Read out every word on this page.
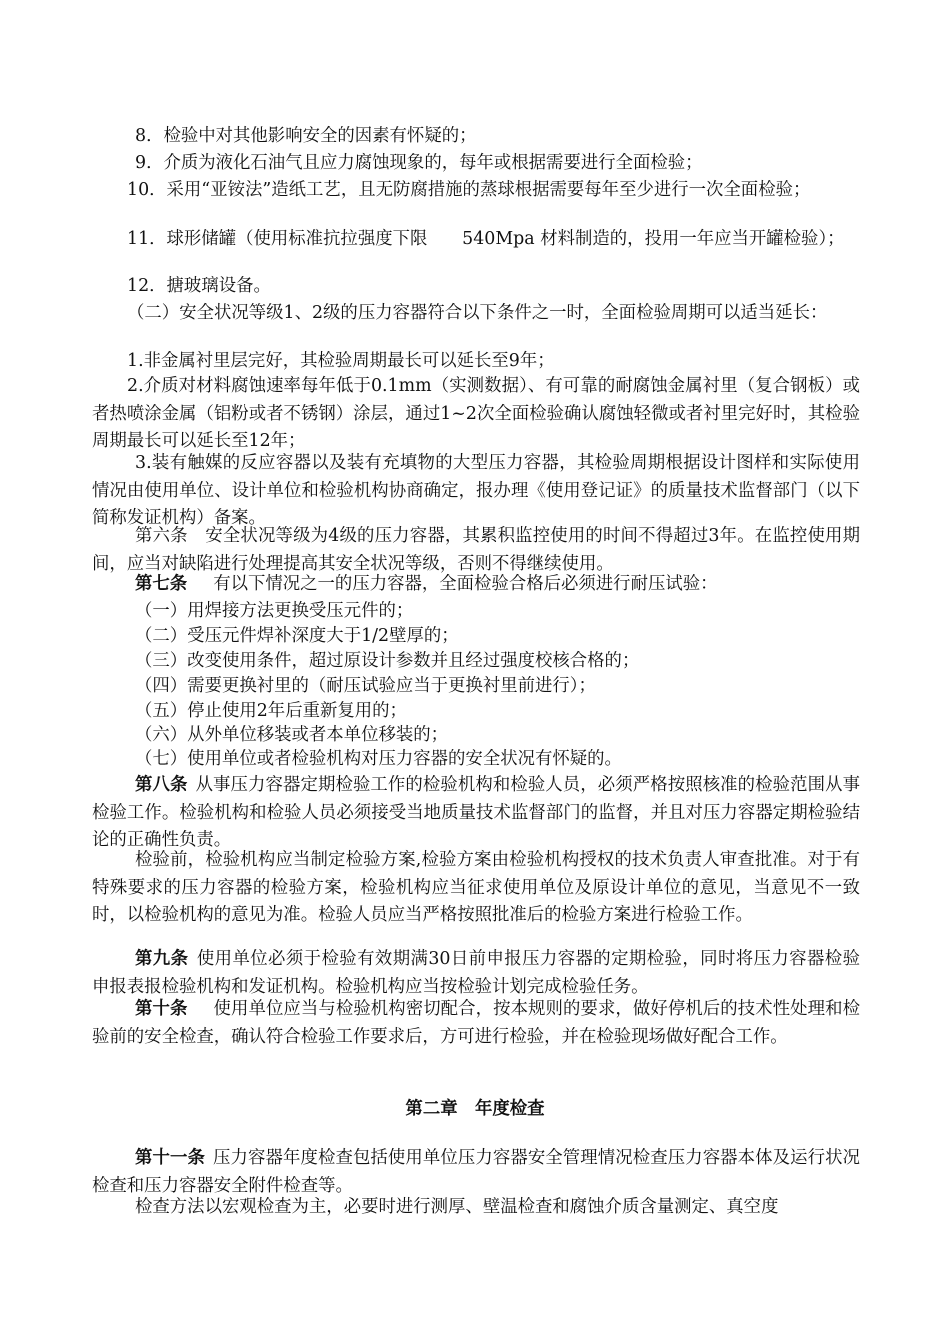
8．检验中对其他影响安全的因素有怀疑的；

9．介质为液化石油气且应力腐蚀现象的，每年或根据需要进行全面检验；

10．采用“亚铵法”造纸工艺，且无防腐措施的蒸球根据需要每年至少进行一次全面检验；

11．球形储罐（使用标准抗拉强度下限　　540Mpa 材料制造的，投用一年应当开罐检验）；

12．搪玻璃设备。

（二）安全状况等级1、2级的压力容器符合以下条件之一时，全面检验周期可以适当延长：

1.非金属衬里层完好，其检验周期最长可以延长至9年；

2.介质对材料腐蚀速率每年低于0.1mm（实测数据）、有可靠的耐腐蚀金属衬里（复合钢板）或者热喷涂金属（铝粉或者不锈钢）涂层，通过1~2次全面检验确认腐蚀轻微或者衬里完好时，其检验周期最长可以延长至12年；

3.装有触媒的反应容器以及装有充填物的大型压力容器，其检验周期根据设计图样和实际使用情况由使用单位、设计单位和检验机构协商确定，报办理《使用登记证》的质量技术监督部门（以下简称发证机构）备案。

第六条　安全状况等级为4级的压力容器，其累积监控使用的时间不得超过3年。在监控使用期间，应当对缺陷进行处理提高其安全状况等级，否则不得继续使用。

第七条 有以下情况之一的压力容器，全面检验合格后必须进行耐压试验：

（一）用焊接方法更换受压元件的；

（二）受压元件焊补深度大于1/2壁厚的；

（三）改变使用条件，超过原设计参数并且经过强度校核合格的；

（四）需要更换衬里的（耐压试验应当于更换衬里前进行）；

（五）停止使用2年后重新复用的；

（六）从外单位移装或者本单位移装的；

（七）使用单位或者检验机构对压力容器的安全状况有怀疑的。

第八条 从事压力容器定期检验工作的检验机构和检验人员，必须严格按照核准的检验范围从事检验工作。检验机构和检验人员必须接受当地质量技术监督部门的监督，并且对压力容器定期检验结论的正确性负责。

检验前，检验机构应当制定检验方案,检验方案由检验机构授权的技术负责人审查批准。对于有特殊要求的压力容器的检验方案，检验机构应当征求使用单位及原设计单位的意见，当意见不一致时，以检验机构的意见为准。检验人员应当严格按照批准后的检验方案进行检验工作。

第九条 使用单位必须于检验有效期满30日前申报压力容器的定期检验，同时将压力容器检验申报表报检验机构和发证机构。检验机构应当按检验计划完成检验任务。

第十条 使用单位应当与检验机构密切配合，按本规则的要求，做好停机后的技术性处理和检验前的安全检查，确认符合检验工作要求后，方可进行检验，并在检验现场做好配合工作。

第二章　年度检查

第十一条 压力容器年度检查包括使用单位压力容器安全管理情况检查压力容器本体及运行状况检查和压力容器安全附件检查等。

检查方法以宏观检查为主，必要时进行测厚、壁温检查和腐蚀介质含量测定、真空度
